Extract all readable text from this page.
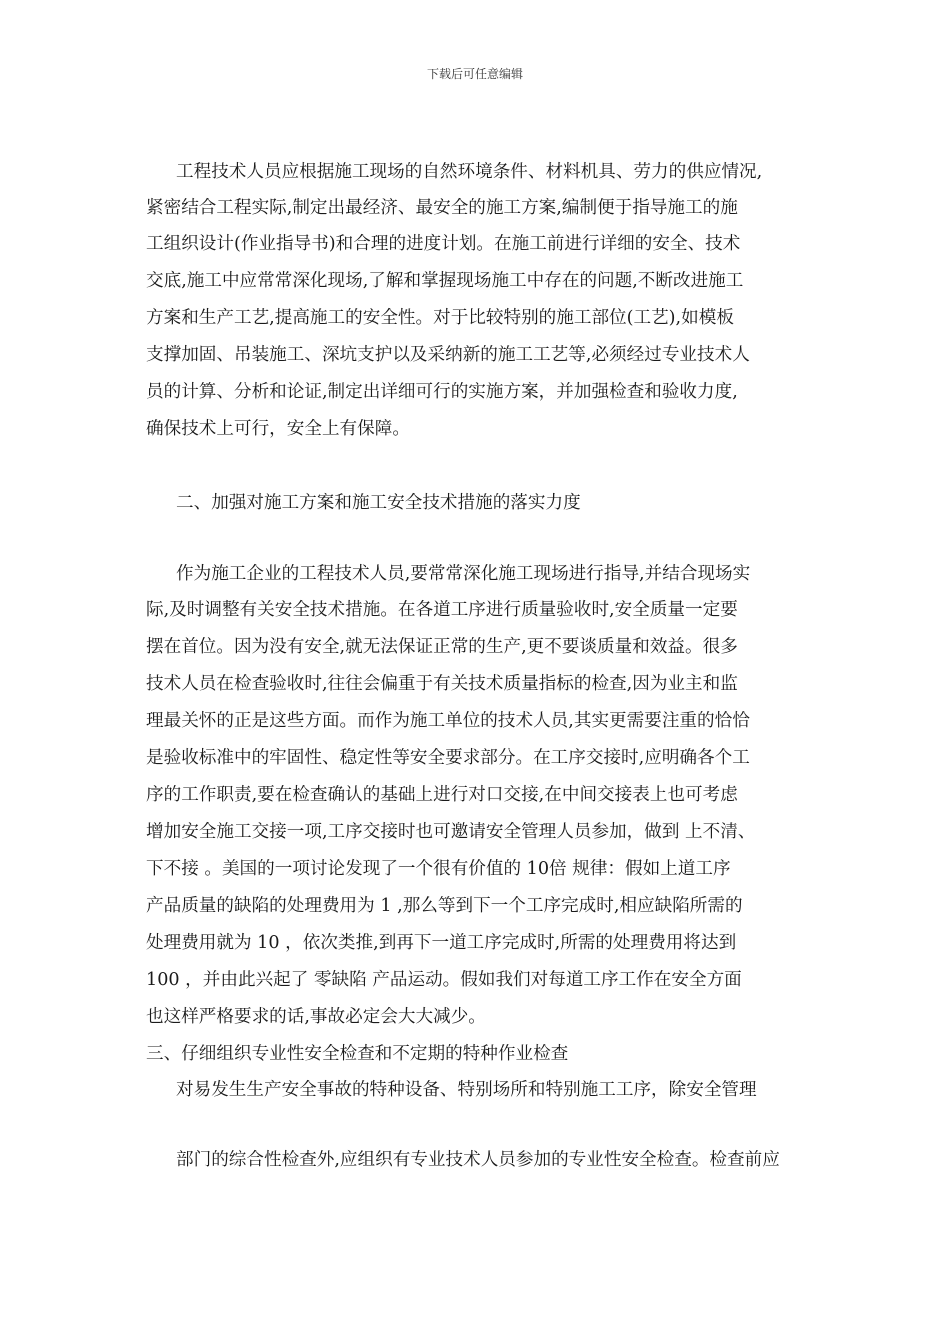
下载后可任意编辑
工程技术人员应根据施工现场的自然环境条件、材料机具、劳力的供应情况,
紧密结合工程实际,制定出最经济、最安全的施工方案,编制便于指导施工的施
工组织设计(作业指导书)和合理的进度计划。在施工前进行详细的安全、技术
交底,施工中应常常深化现场,了解和掌握现场施工中存在的问题,不断改进施工
方案和生产工艺,提高施工的安全性。对于比较特别的施工部位(工艺),如模板
支撑加固、吊装施工、深坑支护以及采纳新的施工工艺等,必须经过专业技术人
员的计算、分析和论证,制定出详细可行的实施方案，并加强检查和验收力度,
确保技术上可行，安全上有保障。
二、加强对施工方案和施工安全技术措施的落实力度
作为施工企业的工程技术人员,要常常深化施工现场进行指导,并结合现场实
际,及时调整有关安全技术措施。在各道工序进行质量验收时,安全质量一定要
摆在首位。因为没有安全,就无法保证正常的生产,更不要谈质量和效益。很多
技术人员在检查验收时,往往会偏重于有关技术质量指标的检查,因为业主和监
理最关怀的正是这些方面。而作为施工单位的技术人员,其实更需要注重的恰恰
是验收标准中的牢固性、稳定性等安全要求部分。在工序交接时,应明确各个工
序的工作职责,要在检查确认的基础上进行对口交接,在中间交接表上也可考虑
增加安全施工交接一项,工序交接时也可邀请安全管理人员参加，做到 上不清、
下不接 。美国的一项讨论发现了一个很有价值的 10倍 规律：假如上道工序
产品质量的缺陷的处理费用为 1 ,那么等到下一个工序完成时,相应缺陷所需的
处理费用就为 10 ，依次类推,到再下一道工序完成时,所需的处理费用将达到
100 ，并由此兴起了 零缺陷 产品运动。假如我们对每道工序工作在安全方面
也这样严格要求的话,事故必定会大大减少。
三、仔细组织专业性安全检查和不定期的特种作业检查
对易发生生产安全事故的特种设备、特别场所和特别施工工序，除安全管理
部门的综合性检查外,应组织有专业技术人员参加的专业性安全检查。检查前应
